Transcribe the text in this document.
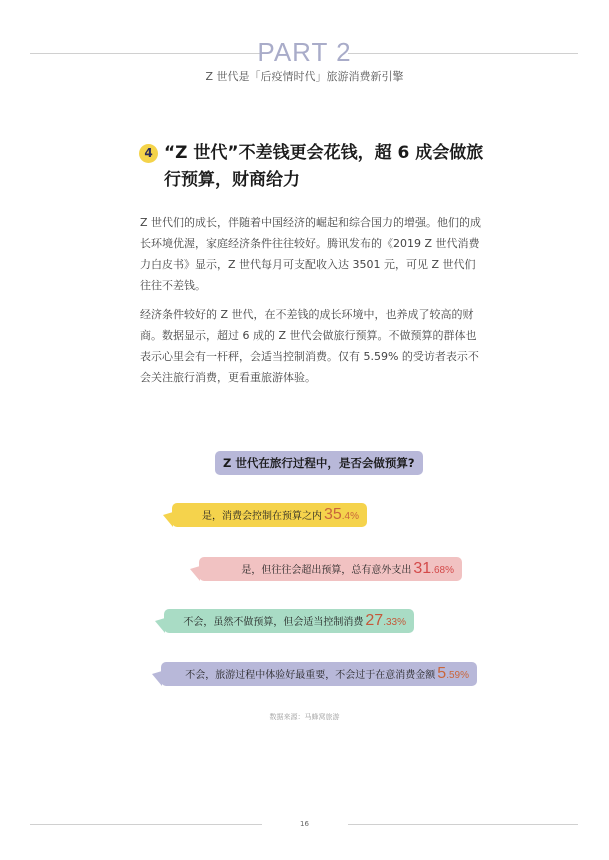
PART 2
Z 世代是「后疫情时代」旅游消费新引擎
4 “Z 世代”不差钱更会花钱，超 6 成会做旅行预算，财商给力

Z 世代们的成长，伴随着中国经济的崛起和综合国力的增强。他们的成长环境优渥，家庭经济条件往往较好。腾讯发布的《2019 Z 世代消费力白皮书》显示，Z 世代每月可支配收入达 3501 元，可见 Z 世代们往往不差钱。

经济条件较好的 Z 世代，在不差钱的成长环境中，也养成了较高的财商。数据显示，超过 6 成的 Z 世代会做旅行预算。不做预算的群体也表示心里会有一杆秤，会适当控制消费。仅有 5.59% 的受访者表示不会关注旅行消费，更看重旅游体验。

Z 世代在旅行过程中，是否会做预算?
是，消费会控制在预算之内 35.4%
是，但往往会超出预算，总有意外支出 31.68%
不会，虽然不做预算，但会适当控制消费 27.33%
不会，旅游过程中体验好最重要，不会过于在意消费金额 5.59%
数据来源：马蜂窝旅游
16
